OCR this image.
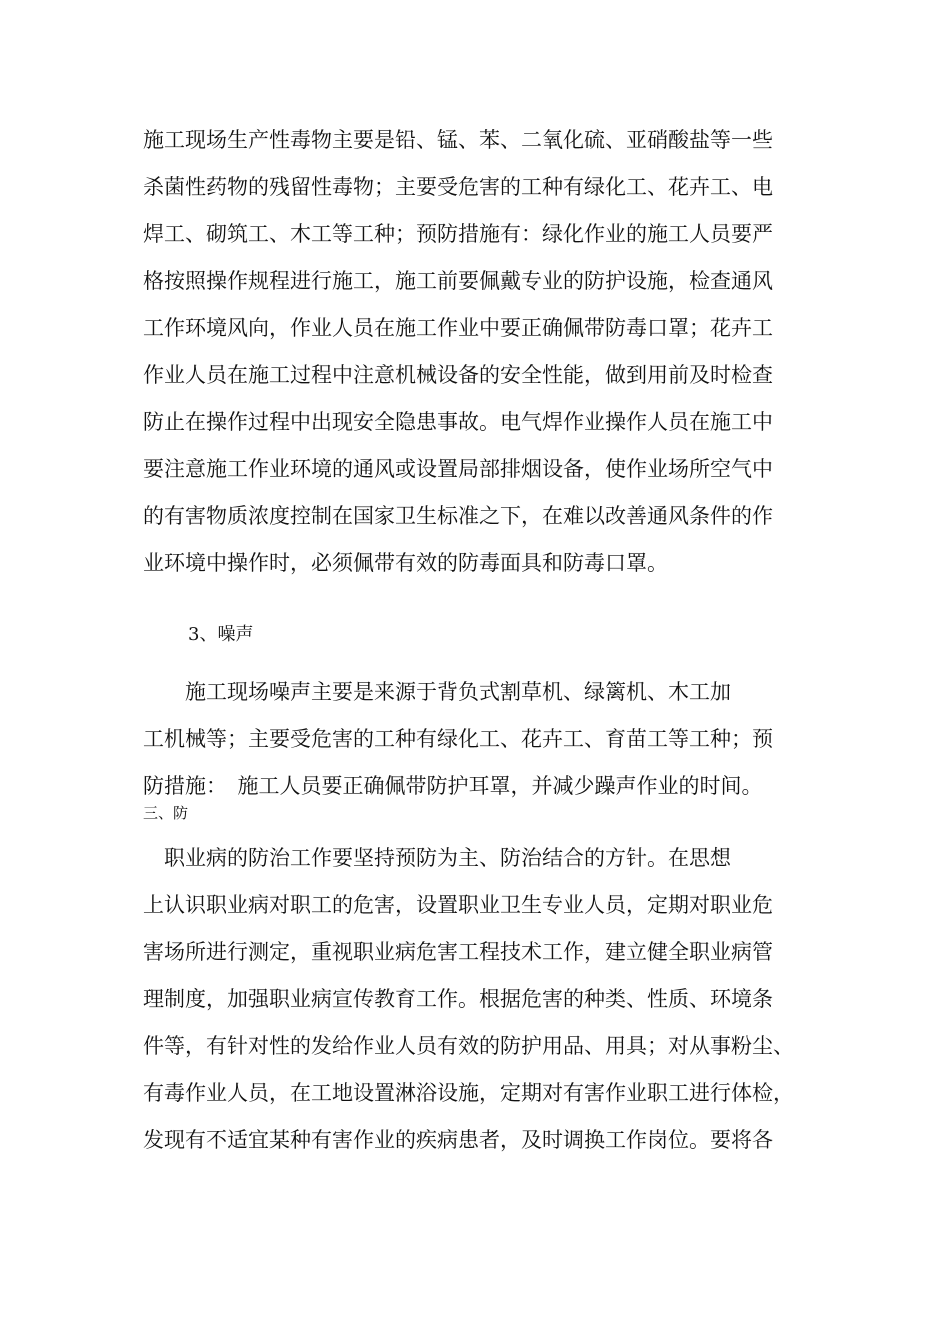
施工现场生产性毒物主要是铅、锰、苯、二氧化硫、亚硝酸盐等一些
杀菌性药物的残留性毒物；主要受危害的工种有绿化工、花卉工、电
焊工、砌筑工、木工等工种；预防措施有：绿化作业的施工人员要严
格按照操作规程进行施工，施工前要佩戴专业的防护设施，检查通风
工作环境风向，作业人员在施工作业中要正确佩带防毒口罩；花卉工
作业人员在施工过程中注意机械设备的安全性能，做到用前及时检查
防止在操作过程中出现安全隐患事故。电气焊作业操作人员在施工中
要注意施工作业环境的通风或设置局部排烟设备，使作业场所空气中
的有害物质浓度控制在国家卫生标准之下，在难以改善通风条件的作
业环境中操作时，必须佩带有效的防毒面具和防毒口罩。
3、噪声
　　施工现场噪声主要是来源于背负式割草机、绿篱机、木工加
工机械等；主要受危害的工种有绿化工、花卉工、育苗工等工种；预
防措施：　施工人员要正确佩带防护耳罩，并减少躁声作业的时间。
三、防
　职业病的防治工作要坚持预防为主、防治结合的方针。在思想
上认识职业病对职工的危害，设置职业卫生专业人员，定期对职业危
害场所进行测定，重视职业病危害工程技术工作，建立健全职业病管
理制度，加强职业病宣传教育工作。根据危害的种类、性质、环境条
件等，有针对性的发给作业人员有效的防护用品、用具；对从事粉尘、
有毒作业人员，在工地设置淋浴设施，定期对有害作业职工进行体检，
发现有不适宜某种有害作业的疾病患者，及时调换工作岗位。要将各
